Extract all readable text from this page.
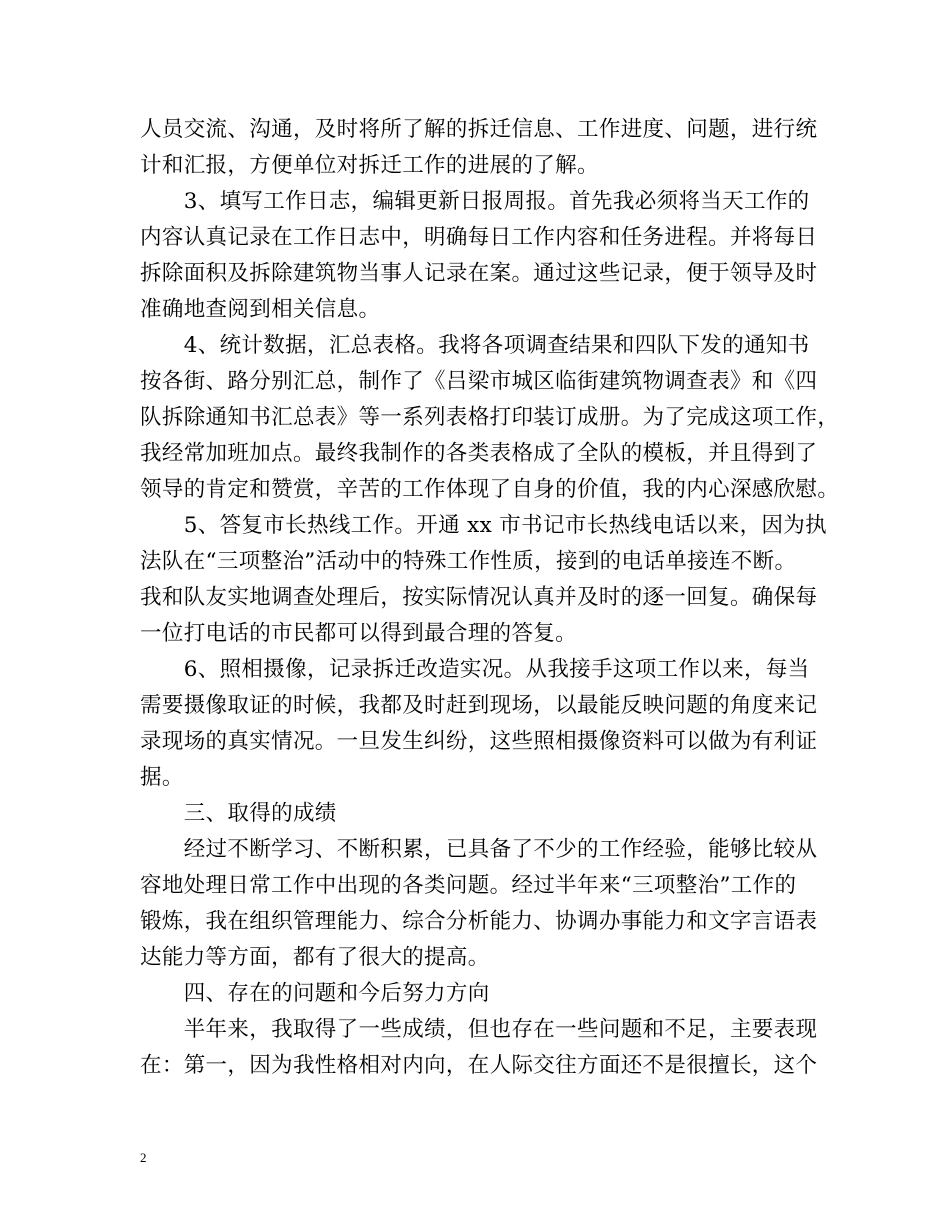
人员交流、沟通，及时将所了解的拆迁信息、工作进度、问题，进行统
计和汇报，方便单位对拆迁工作的进展的了解。
　　3、填写工作日志，编辑更新日报周报。首先我必须将当天工作的
内容认真记录在工作日志中，明确每日工作内容和任务进程。并将每日
拆除面积及拆除建筑物当事人记录在案。通过这些记录，便于领导及时
准确地查阅到相关信息。
　　4、统计数据，汇总表格。我将各项调查结果和四队下发的通知书
按各街、路分别汇总，制作了《吕梁市城区临街建筑物调查表》和《四
队拆除通知书汇总表》等一系列表格打印装订成册。为了完成这项工作，
我经常加班加点。最终我制作的各类表格成了全队的模板，并且得到了
领导的肯定和赞赏，辛苦的工作体现了自身的价值，我的内心深感欣慰。
　　5、答复市长热线工作。开通 xx 市书记市长热线电话以来，因为执
法队在“三项整治”活动中的特殊工作性质，接到的电话单接连不断。
我和队友实地调查处理后，按实际情况认真并及时的逐一回复。确保每
一位打电话的市民都可以得到最合理的答复。
　　6、照相摄像，记录拆迁改造实况。从我接手这项工作以来，每当
需要摄像取证的时候，我都及时赶到现场，以最能反映问题的角度来记
录现场的真实情况。一旦发生纠纷，这些照相摄像资料可以做为有利证
据。
　　三、取得的成绩
　　经过不断学习、不断积累，已具备了不少的工作经验，能够比较从
容地处理日常工作中出现的各类问题。经过半年来“三项整治”工作的
锻炼，我在组织管理能力、综合分析能力、协调办事能力和文字言语表
达能力等方面，都有了很大的提高。
　　四、存在的问题和今后努力方向
　　半年来，我取得了一些成绩，但也存在一些问题和不足，主要表现
在：第一，因为我性格相对内向，在人际交往方面还不是很擅长，这个
2
